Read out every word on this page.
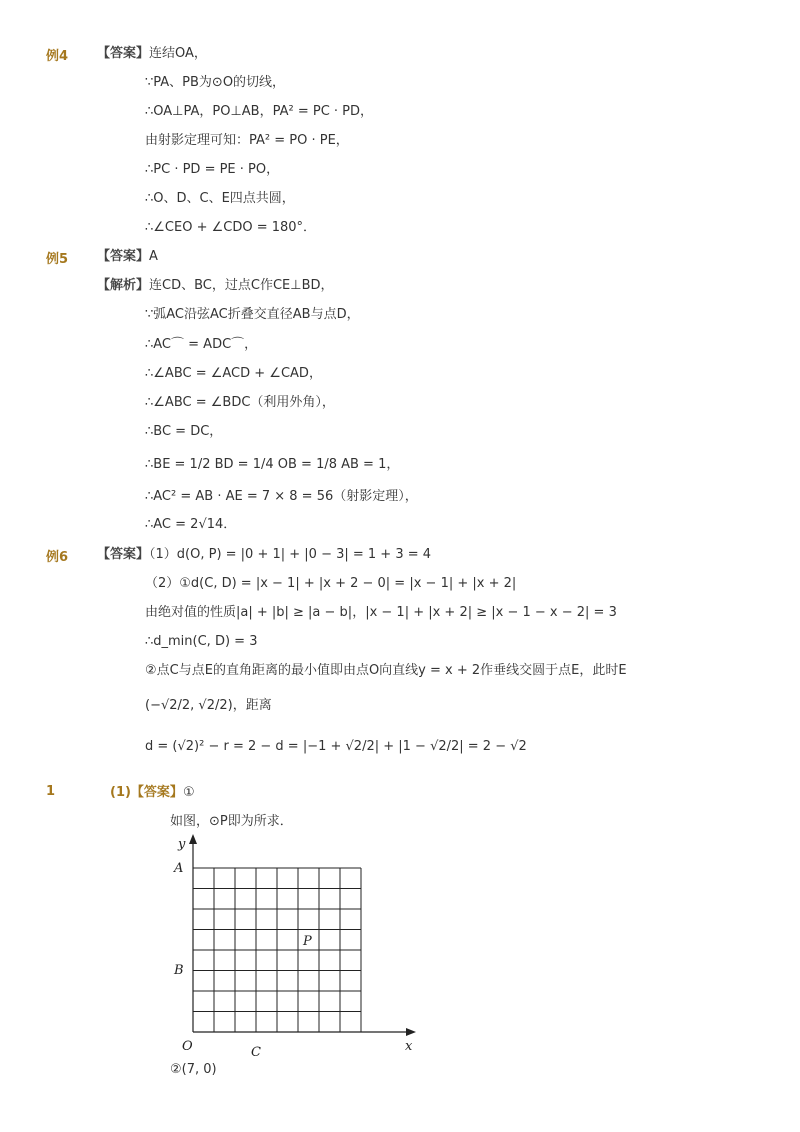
例4 【答案】连结OA，
∵PA、PB为⊙O的切线，
∴OA⊥PA，PO⊥AB，PA² = PC · PD，
由射影定理可知：PA² = PO · PE，
∴PC · PD = PE · PO，
∴O、D、C、E四点共圆，
∴∠CEO + ∠CDO = 180°．
例5 【答案】A
【解析】连CD、BC，过点C作CE⊥BD，
∵弧AC沿弦AC折叠交直径AB与点D，
∴AC⌒ = ADC⌒，
∴∠ABC = ∠ACD + ∠CAD，
∴∠ABC = ∠BDC（利用外角），
∴BC = DC，
∴BE = 1/2 BD = 1/4 OB = 1/8 AB = 1，
∴AC² = AB · AE = 7 × 8 = 56（射影定理），
∴AC = 2√14．
例6 【答案】（1）d(O, P) = |0 + 1| + |0 − 3| = 1 + 3 = 4
（2）①d(C, D) = |x − 1| + |x + 2 − 0| = |x − 1| + |x + 2|
由绝对值的性质|a| + |b| ≥ |a − b|，|x − 1| + |x + 2| ≥ |x − 1 − x − 2| = 3
∴d_min(C, D) = 3
②点C与点E的直角距离的最小值即由点O向直线y = x + 2作垂线交圆于点E，此时E
(−√2/2, √2/2)，距离
d = (√2)² − r = 2 − d = |−1 + √2/2| + |1 − √2/2| = 2 − √2
1	(1)【答案】①
如图，⊙P即为所求．
y
x
A
B
P
O	C
②(7, 0)
